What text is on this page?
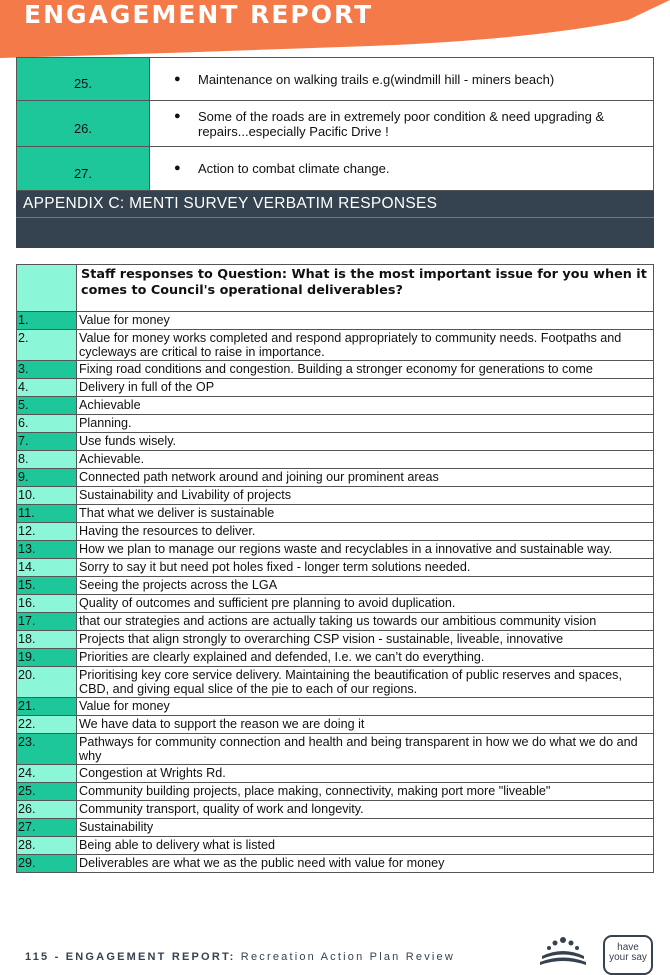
ENGAGEMENT REPORT
25.	● Maintenance on walking trails e.g(windmill hill - miners beach)

26.	● Some of the roads are in extremely poor condition & need upgrading & repairs...especially Pacific Drive !

27.	● Action to combat climate change.
APPENDIX C: MENTI SURVEY VERBATIM RESPONSES
	Staff responses to Question: What is the most important issue for you when it comes to Council's operational deliverables?
1.	Value for money
2.	Value for money works completed and respond appropriately to community needs. Footpaths and cycleways are critical to raise in importance.
3.	Fixing road conditions and congestion. Building a stronger economy for generations to come
4.	Delivery in full of the OP
5.	Achievable
6.	Planning.
7.	Use funds wisely.
8.	Achievable.
9.	Connected path network around and joining our prominent areas
10.	Sustainability and Livability of projects
11.	That what we deliver is sustainable
12.	Having the resources to deliver.
13.	How we plan to manage our regions waste and recyclables in a innovative and sustainable way.
14.	Sorry to say it but need pot holes fixed - longer term solutions needed.
15.	Seeing the projects across the LGA
16.	Quality of outcomes and sufficient pre planning to avoid duplication.
17.	that our strategies and actions are actually taking us towards our ambitious community vision
18.	Projects that align strongly to overarching CSP vision - sustainable, liveable, innovative
19.	Priorities are clearly explained and defended, I.e. we can’t do everything.
20.	Prioritising key core service delivery. Maintaining the beautification of public reserves and spaces, CBD, and giving equal slice of the pie to each of our regions.
21.	Value for money
22.	We have data to support the reason we are doing it
23.	Pathways for community connection and health and being transparent in how we do what we do and why
24.	Congestion at Wrights Rd.
25.	Community building projects, place making, connectivity, making port more "liveable"
26.	Community transport, quality of work and longevity.
27.	Sustainability
28.	Being able to delivery what is listed
29.	Deliverables are what we as the public need with value for money
115 - ENGAGEMENT REPORT: Recreation Action Plan Review
have
your say
